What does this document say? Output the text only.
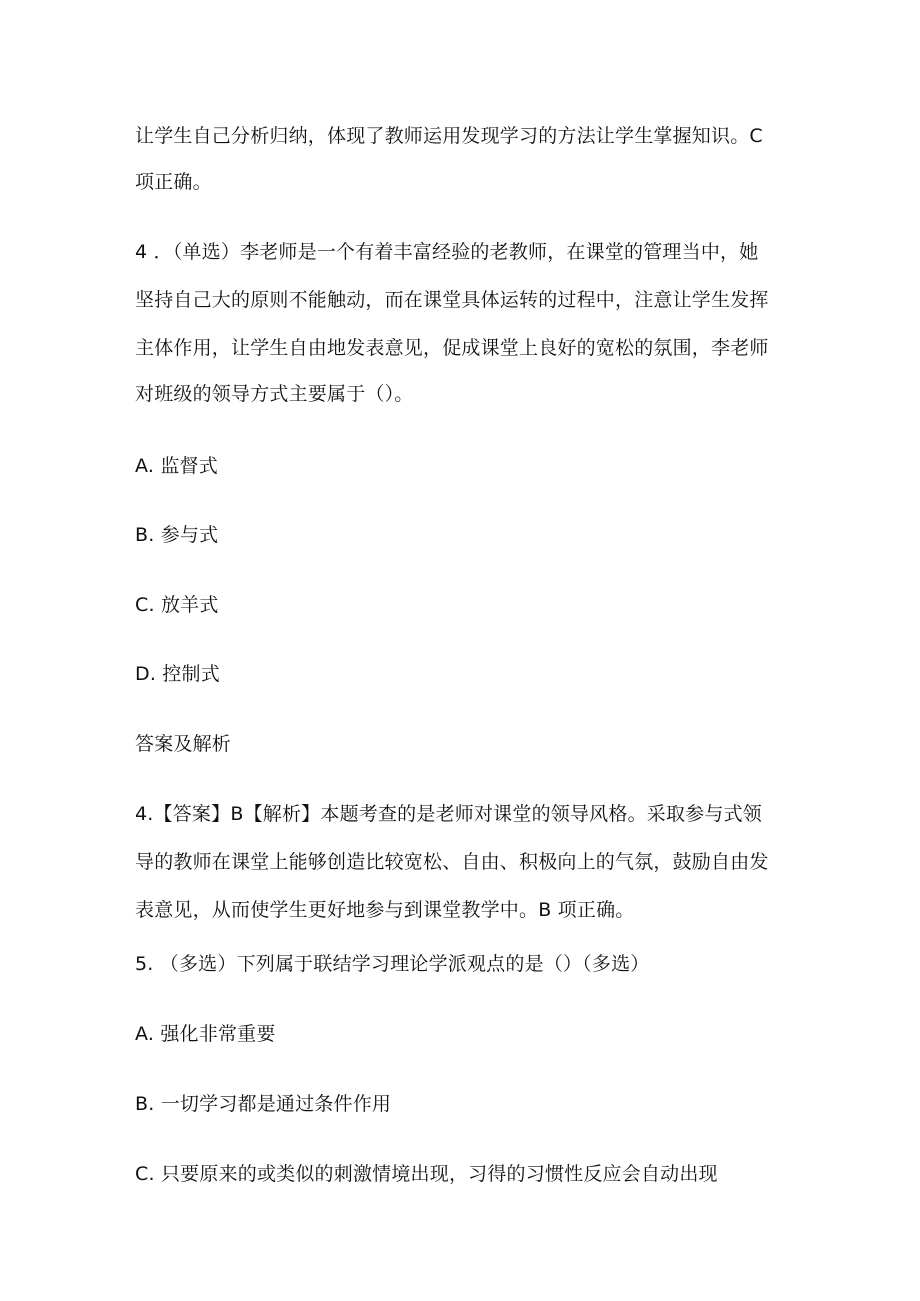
让学生自己分析归纳，体现了教师运用发现学习的方法让学生掌握知识。C
项正确。
4 ．（单选）李老师是一个有着丰富经验的老教师，在课堂的管理当中，她
坚持自己大的原则不能触动，而在课堂具体运转的过程中，注意让学生发挥
主体作用，让学生自由地发表意见，促成课堂上良好的宽松的氛围，李老师
对班级的领导方式主要属于（）。
A. 监督式
B. 参与式
C. 放羊式
D. 控制式
答案及解析
4.【答案】B【解析】本题考查的是老师对课堂的领导风格。采取参与式领
导的教师在课堂上能够创造比较宽松、自由、积极向上的气氛，鼓励自由发
表意见，从而使学生更好地参与到课堂教学中。B 项正确。
5. （多选）下列属于联结学习理论学派观点的是（）（多选）
A. 强化非常重要
B. 一切学习都是通过条件作用
C. 只要原来的或类似的刺激情境出现，习得的习惯性反应会自动出现
